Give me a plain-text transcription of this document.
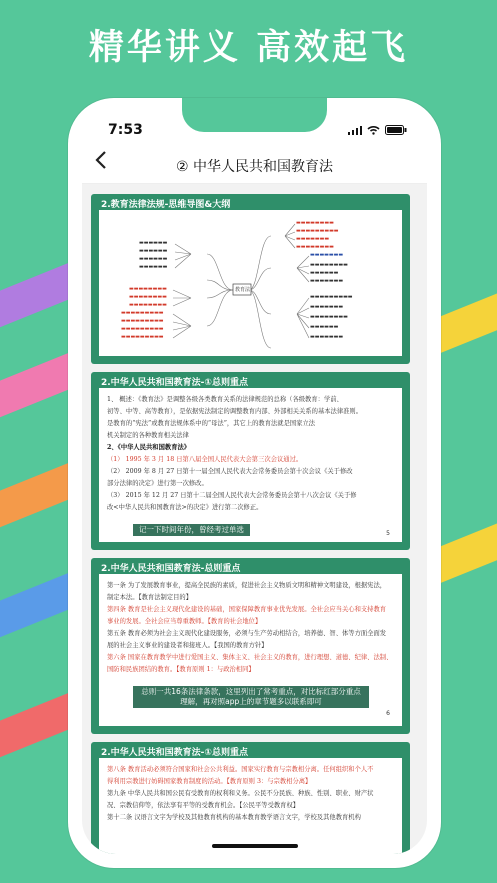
精华讲义 高效起飞
7:53
② 中华人民共和国教育法
2.教育法律法规-思维导图&大纲
教育法
▬▬▬▬▬▬▬▬
▬▬▬▬▬▬▬▬▬
▬▬▬▬▬▬▬
▬▬▬▬▬▬▬▬
▬▬▬▬▬▬▬
▬▬▬▬▬▬▬▬
▬▬▬▬▬▬
▬▬▬▬▬▬▬
▬▬▬▬▬▬▬▬▬
▬▬▬▬▬▬▬
▬▬▬▬▬▬▬▬
▬▬▬▬▬▬
▬▬▬▬▬▬▬
▬▬▬▬▬▬
▬▬▬▬▬▬
▬▬▬▬▬▬
▬▬▬▬▬▬
▬▬▬▬▬▬▬▬
▬▬▬▬▬▬▬▬
▬▬▬▬▬▬▬▬
▬▬▬▬▬▬▬▬▬
▬▬▬▬▬▬▬▬▬
▬▬▬▬▬▬▬▬▬
▬▬▬▬▬▬▬▬▬
2.中华人民共和国教育法-①总则重点
1、 概述：《教育法》是调整各级各类教育关系的法律规范的总称（各级教育：学前、
初等、中等、高等教育），是依据宪法制定的调整教育内部、外部相关关系的基本法律准则。
是教育的“宪法”或教育法规体系中的“母法”，其它上的教育法就是国家立法
机关制定的各种教育相关法律
2、《中华人民共和国教育法》
（1） 1995 年 3 月 18 日第八届全国人民代表大会第三次会议通过。
（2） 2009 年 8 月 27 日第十一届全国人民代表大会常务委员会第十次会议《关于修改
部分法律的决定》进行第一次修改。
（3） 2015 年 12 月 27 日第十二届全国人民代表大会常务委员会第十八次会议《关于修
改<中华人民共和国教育法>的决定》进行第二次修正。
记一下时间年份，曾经考过单选	5
2.中华人民共和国教育法-总则重点
第一条 为了发展教育事业，提高全民族的素质，促进社会主义物质文明和精神文明建设，根据宪法，
制定本法。【教育法制定目的】
第四条 教育是社会主义现代化建设的基础，国家保障教育事业优先发展。全社会应当关心和支持教育
事业的发展。全社会应当尊重教师。【教育的社会地位】
第五条 教育必须为社会主义现代化建设服务，必须与生产劳动相结合，培养德、智、体等方面全面发
展的社会主义事业的建设者和接班人。【我国的教育方针】
第六条 国家在教育教学中进行爱国主义、集体主义、社会主义的教育，进行理想、道德、纪律、法制、
国防和民族团结的教育。【教育原则 1：与政治相同】
总则一共16条法律条款，这里列出了常考重点，对比标红部分重点理解，再对照app上的章节题多以联系即可
6
2.中华人民共和国教育法-①总则重点
第八条 教育活动必须符合国家和社会公共利益。国家实行教育与宗教相分离。任何组织和个人不
得利用宗教进行妨碍国家教育制度的活动。【教育原则 3：与宗教相分离】
第九条 中华人民共和国公民有受教育的权利和义务。公民不分民族、种族、性别、职业、财产状
况、宗教信仰等，依法享有平等的受教育机会。【公民平等受教育权】
第十二条 汉语言文字为学校及其他教育机构的基本教育教学语言文字，学校及其他教育机构
